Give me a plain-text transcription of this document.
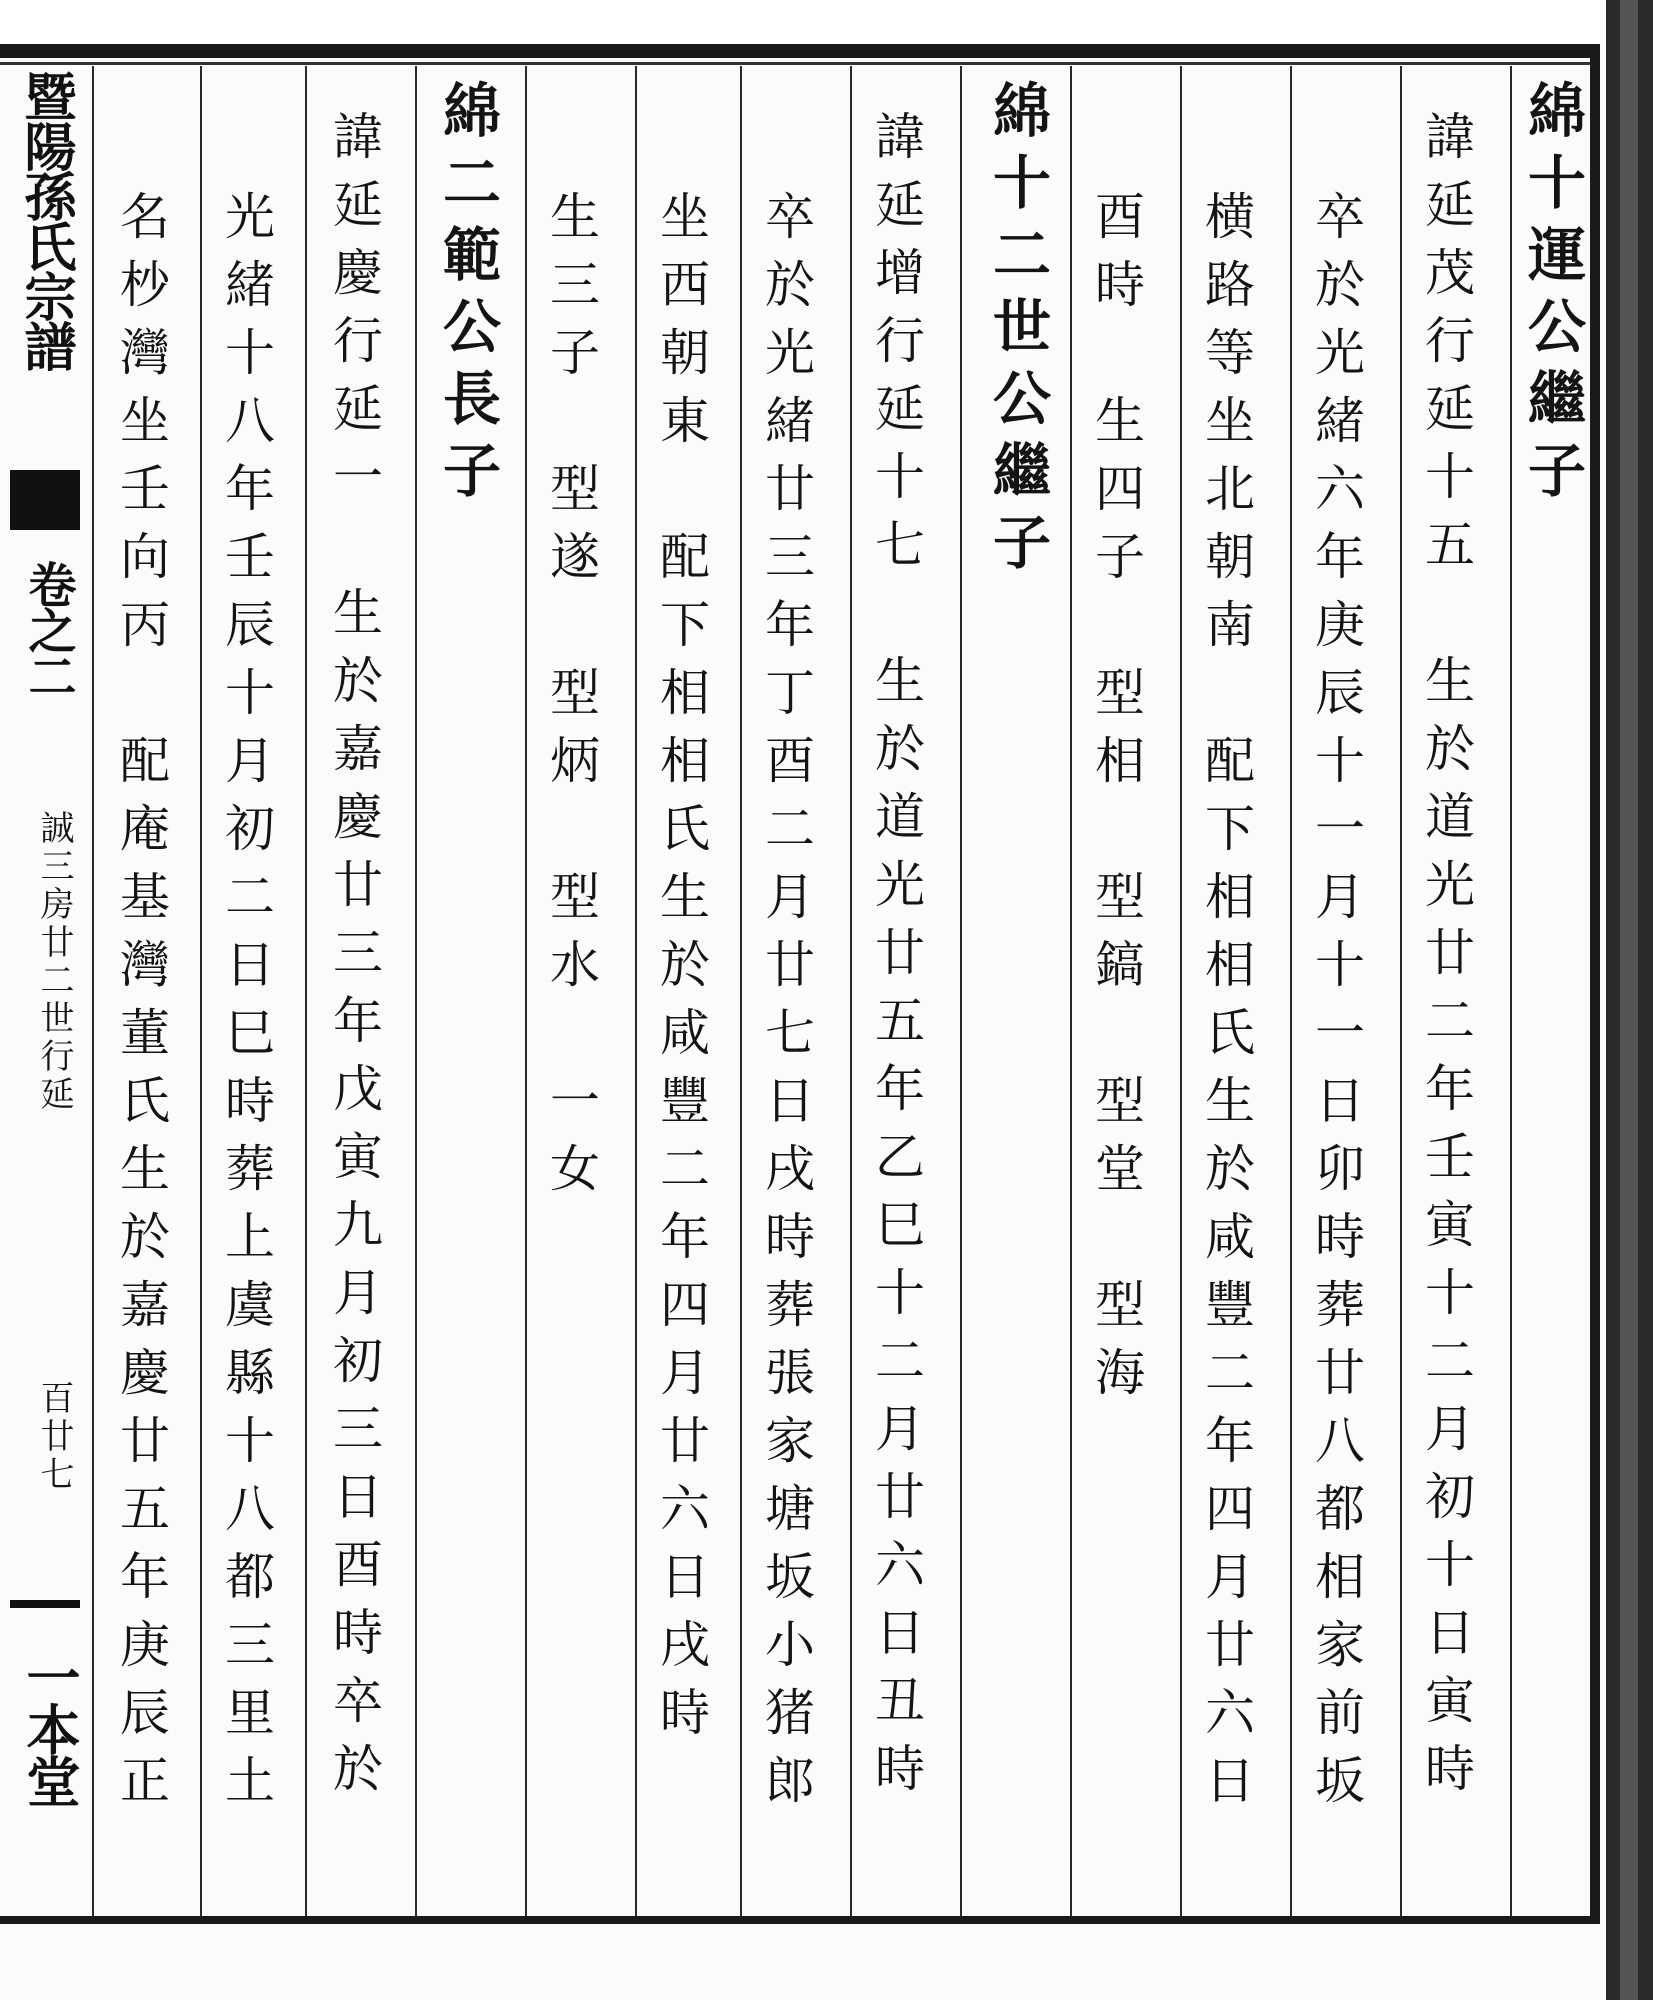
綿十運公繼子
諱延茂行延十五　生於道光廿二年壬寅十二月初十日寅時
卒於光緒六年庚辰十一月十一日卯時葬廿八都相家前坂
横路等坐北朝南　配下相相氏生於咸豐二年四月廿六日
酉時　生四子　型相　型鎬　型堂　型海
綿十二世公繼子
諱延增行延十七　生於道光廿五年乙巳十二月廿六日丑時
卒於光緒廿三年丁酉二月廿七日戌時葬張家塘坂小猪郎
坐西朝東　配下相相氏生於咸豐二年四月廿六日戌時
生三子　型遂　型炳　型水　一女
綿二範公長子
諱延慶行延一　生於嘉慶廿三年戊寅九月初三日酉時卒於
光緒十八年壬辰十月初二日巳時葬上虞縣十八都三里土
名杪灣坐壬向丙　配庵基灣董氏生於嘉慶廿五年庚辰正
暨陽孫氏宗譜
卷之二
誠三房廿二世行延
百廿七
一本堂
